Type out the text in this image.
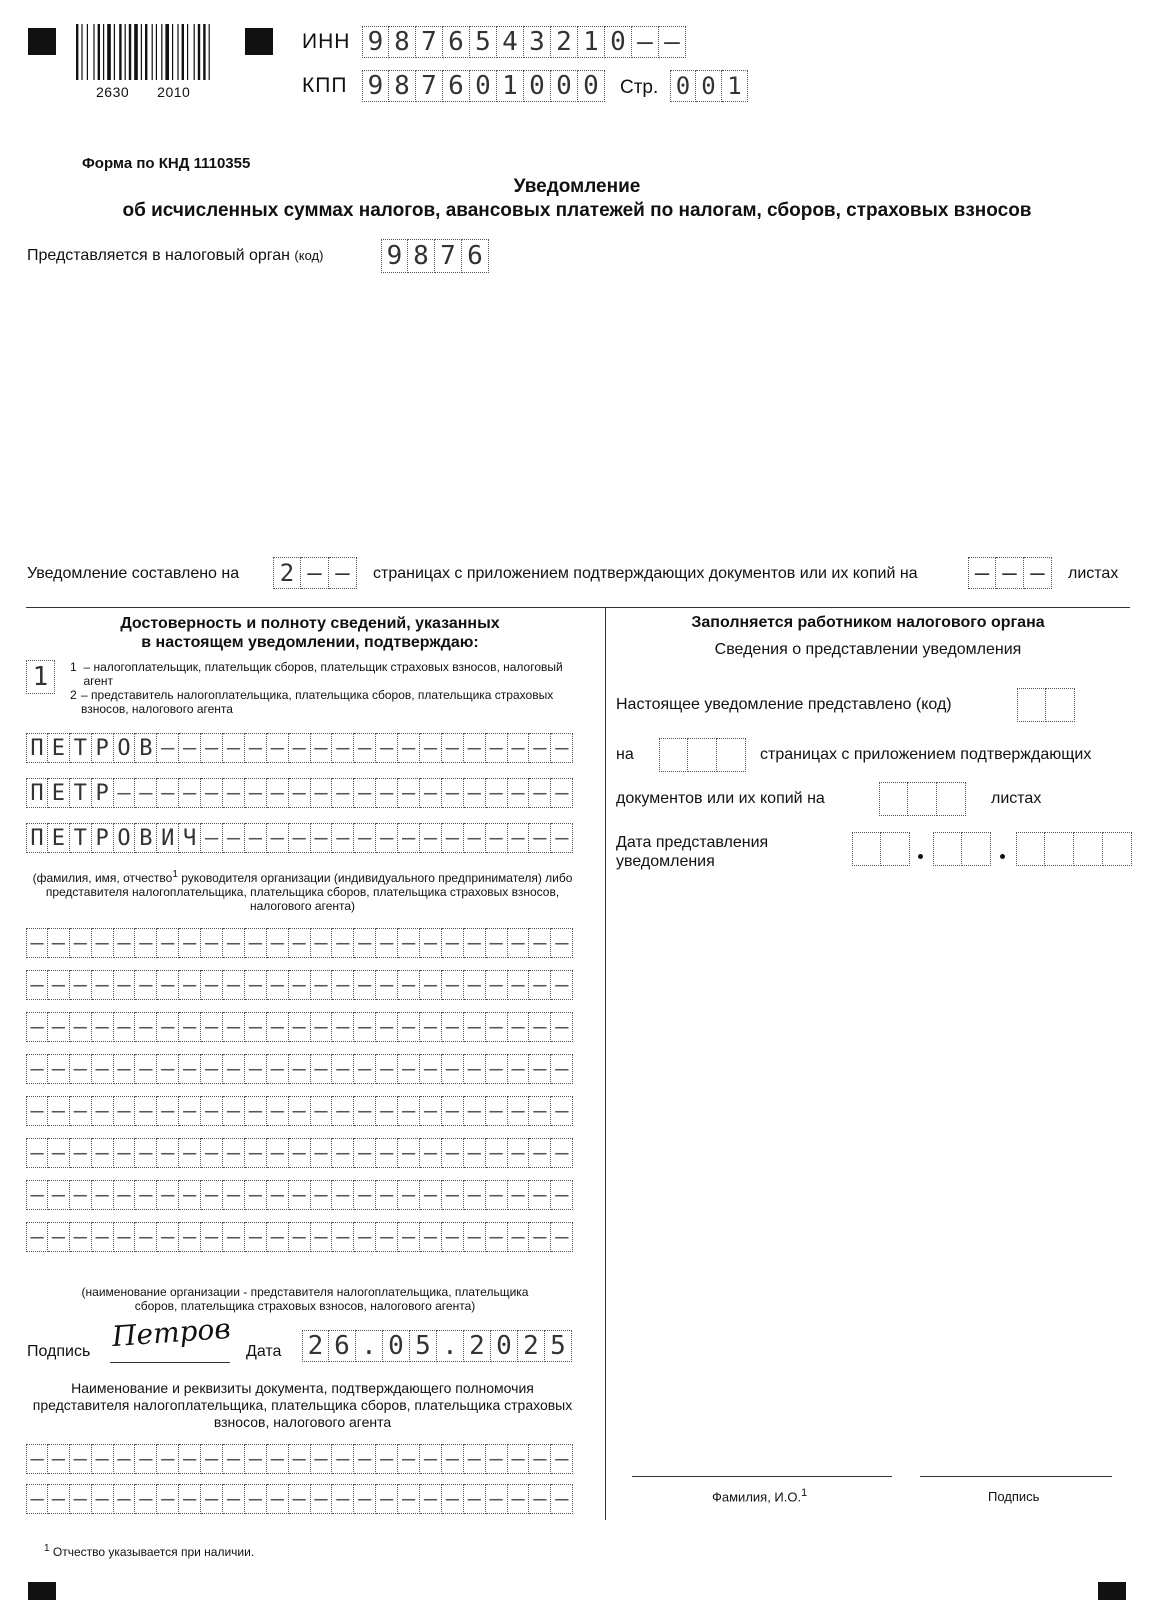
2630 2010
ИНН 9 8 7 6 5 4 3 2 1 0 – –
КПП 9 8 7 6 0 1 0 0 0	Стр. 0 0 1
Форма по КНД 1110355
Уведомление
об исчисленных суммах налогов, авансовых платежей по налогам, сборов, страховых взносов
Представляется в налоговый орган (код) 9 8 7 6
Уведомление составлено на 2 – –	страницах с приложением подтверждающих документов или их копий на – – –	листах
Достоверность и полноту сведений, указанных
в настоящем уведомлении, подтверждаю:
1	1 – налогоплательщик, плательщик сборов, плательщик страховых взносов, налоговый агент
2 – представитель налогоплательщика, плательщика сборов, плательщика страховых взносов, налогового агента
П Е Т Р О В – – – – – – – – – – – – – – – – – – –
П Е Т Р – – – – – – – – – – – – – – – – – – – – –
П Е Т Р О В И Ч – – – – – – – – – – – – – – – – –
(фамилия, имя, отчество$^1$ руководителя организации (индивидуального предпринимателя) либо представителя налогоплательщика, плательщика сборов, плательщика страховых взносов, налогового агента)
– – – – – – – – – – – – – – – – – – – – – – – – –
– – – – – – – – – – – – – – – – – – – – – – – – –
– – – – – – – – – – – – – – – – – – – – – – – – –
– – – – – – – – – – – – – – – – – – – – – – – – –
– – – – – – – – – – – – – – – – – – – – – – – – –
– – – – – – – – – – – – – – – – – – – – – – – – –
– – – – – – – – – – – – – – – – – – – – – – – – –
– – – – – – – – – – – – – – – – – – – – – – – – –
(наименование организации - представителя налогоплательщика, плательщика сборов, плательщика страховых взносов, налогового агента)
Подпись Петров Дата 2 6 . 0 5 . 2 0 2 5
Наименование и реквизиты документа, подтверждающего полномочия представителя налогоплательщика, плательщика сборов, плательщика страховых взносов, налогового агента
– – – – – – – – – – – – – – – – – – – – – – – – –
– – – – – – – – – – – – – – – – – – – – – – – – –
Заполняется работником налогового органа
Сведения о представлении уведомления
Настоящее уведомление представлено (код)
на	страницах с приложением подтверждающих
документов или их копий на	листах
Дата представления
уведомления
Фамилия, И.О.$^1$	Подпись
$^1$ Отчество указывается при наличии.
